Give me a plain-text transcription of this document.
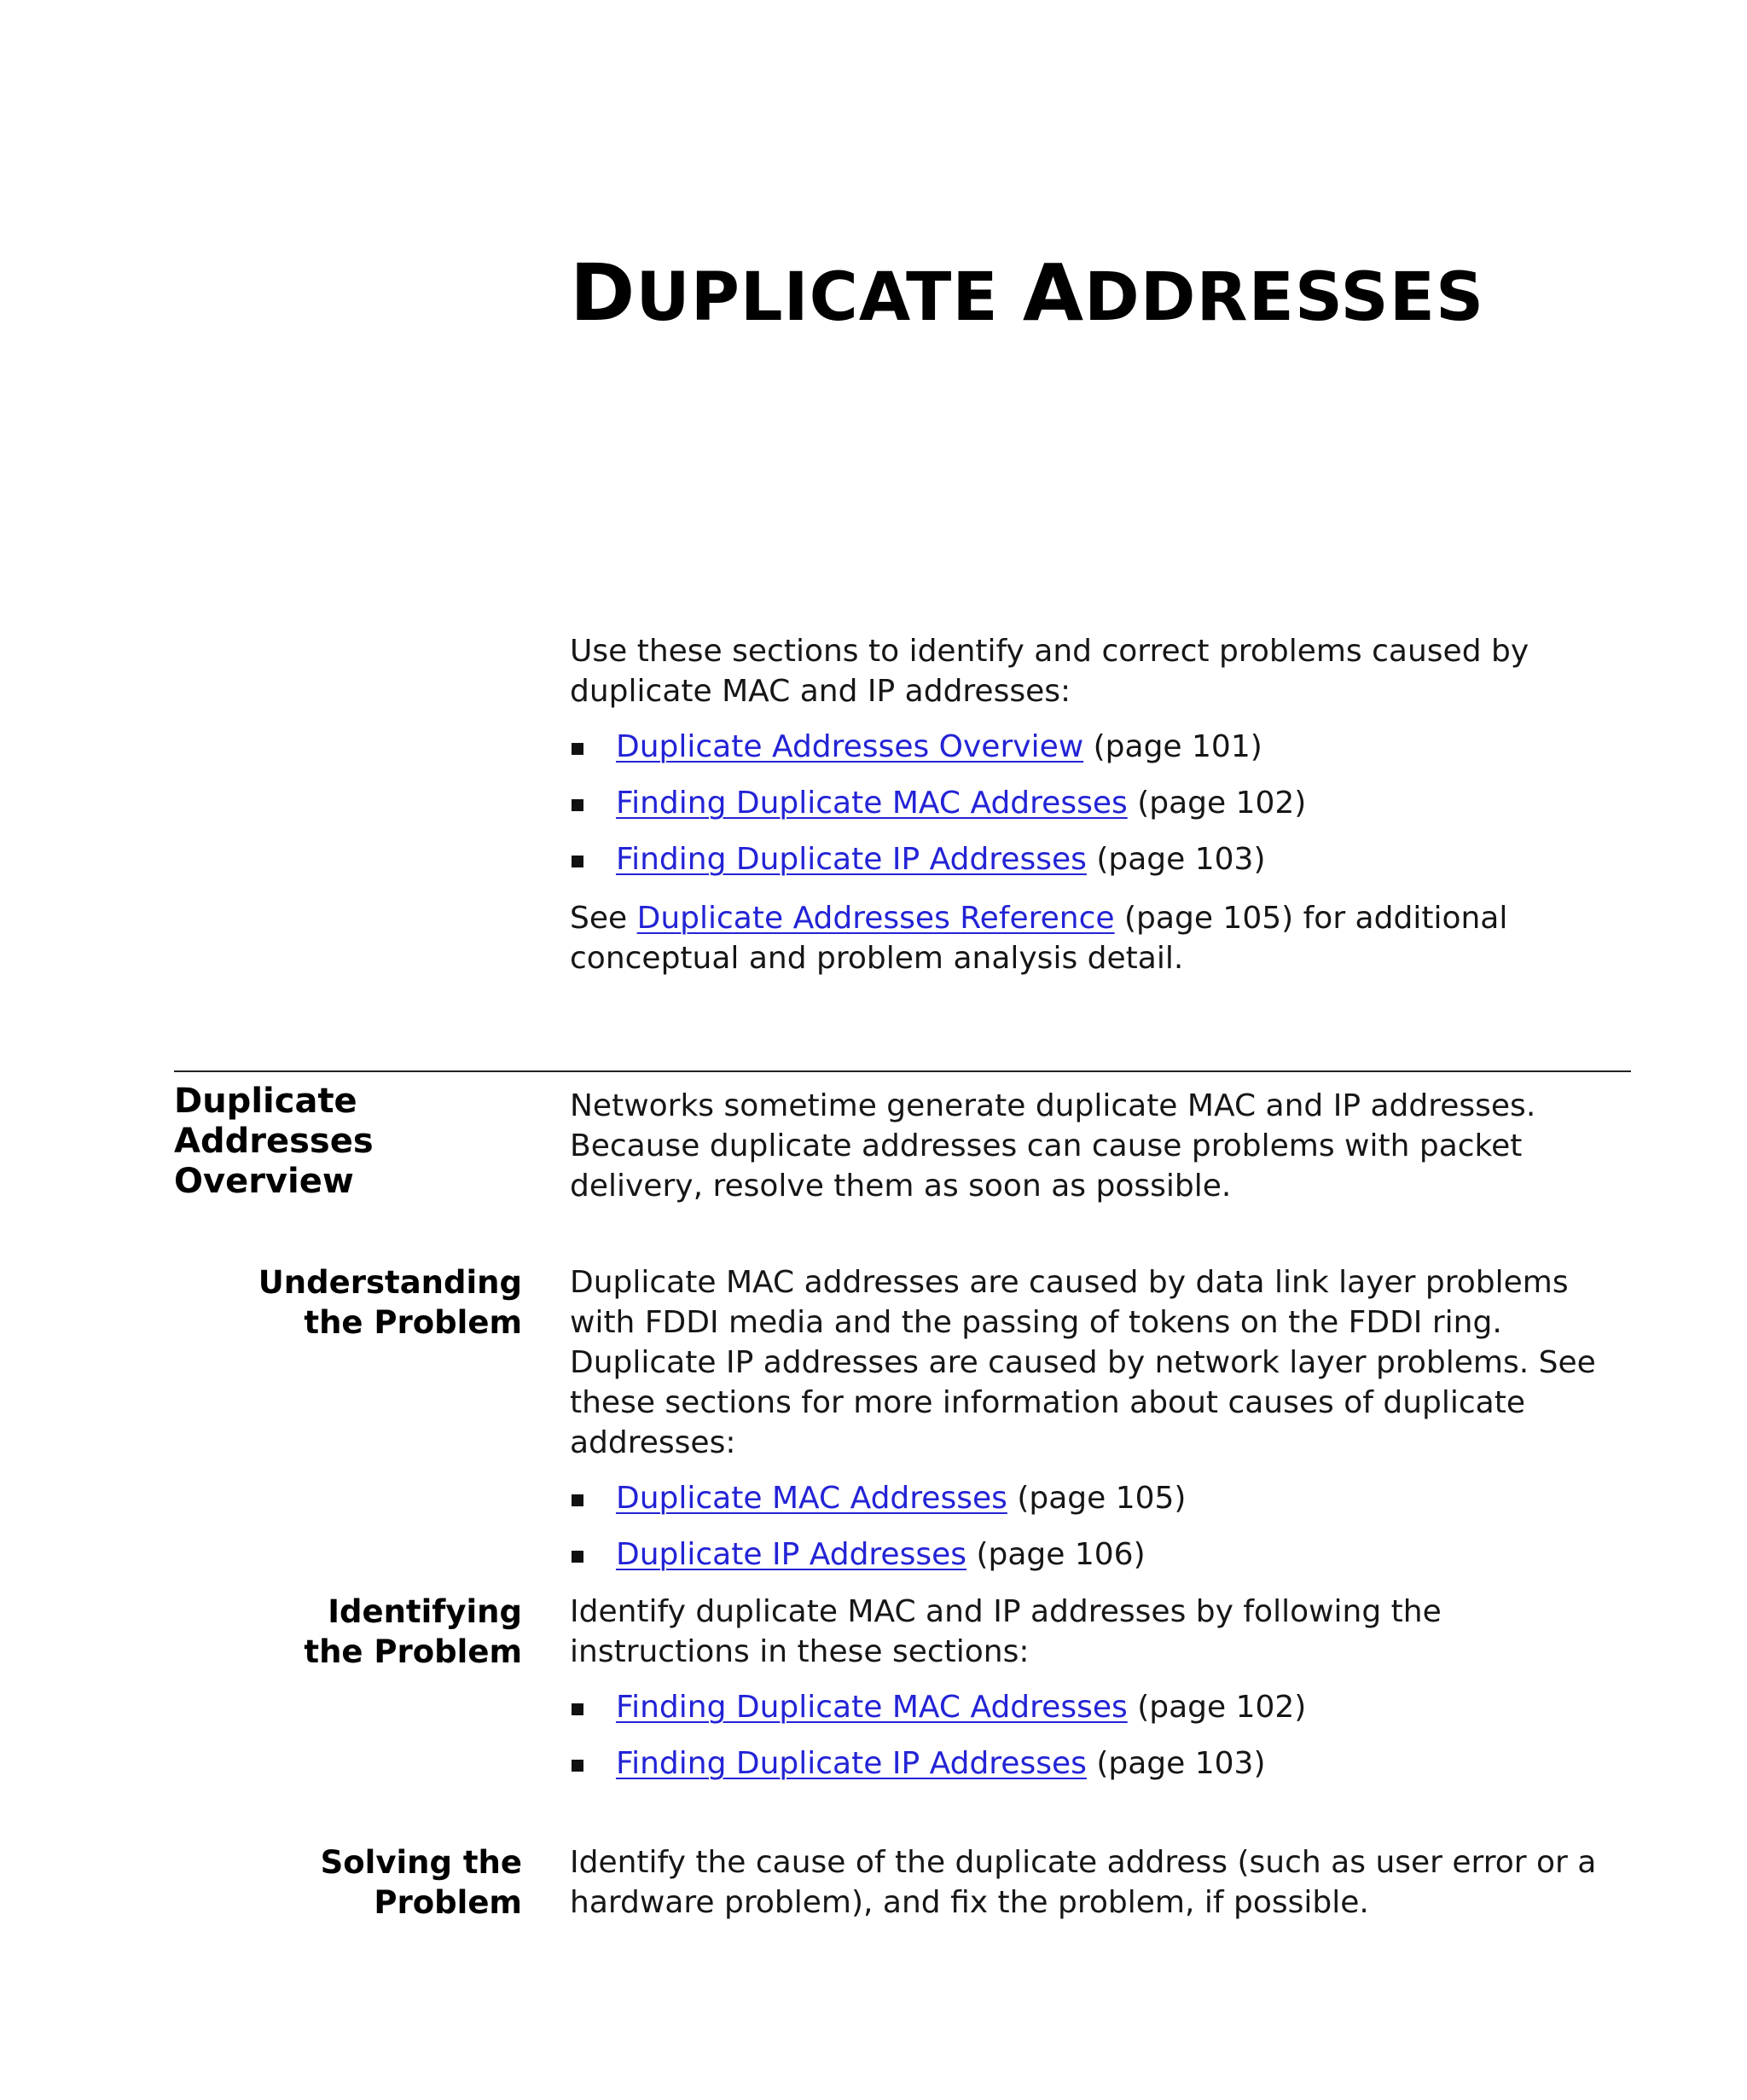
DUPLICATE ADDRESSES

Use these sections to identify and correct problems caused by duplicate MAC and IP addresses:

Duplicate Addresses Overview (page 101)
Finding Duplicate MAC Addresses (page 102)
Finding Duplicate IP Addresses (page 103)

See Duplicate Addresses Reference (page 105) for additional conceptual and problem analysis detail.

Duplicate Addresses Overview

Networks sometime generate duplicate MAC and IP addresses. Because duplicate addresses can cause problems with packet delivery, resolve them as soon as possible.

Understanding
the Problem

Duplicate MAC addresses are caused by data link layer problems with FDDI media and the passing of tokens on the FDDI ring. Duplicate IP addresses are caused by network layer problems. See these sections for more information about causes of duplicate addresses:

Duplicate MAC Addresses (page 105)
Duplicate IP Addresses (page 106)
Identifying
the Problem

Identify duplicate MAC and IP addresses by following the instructions in these sections:

Finding Duplicate MAC Addresses (page 102)
Finding Duplicate IP Addresses (page 103)
Solving the Problem

Identify the cause of the duplicate address (such as user error or a hardware problem), and fix the problem, if possible.
